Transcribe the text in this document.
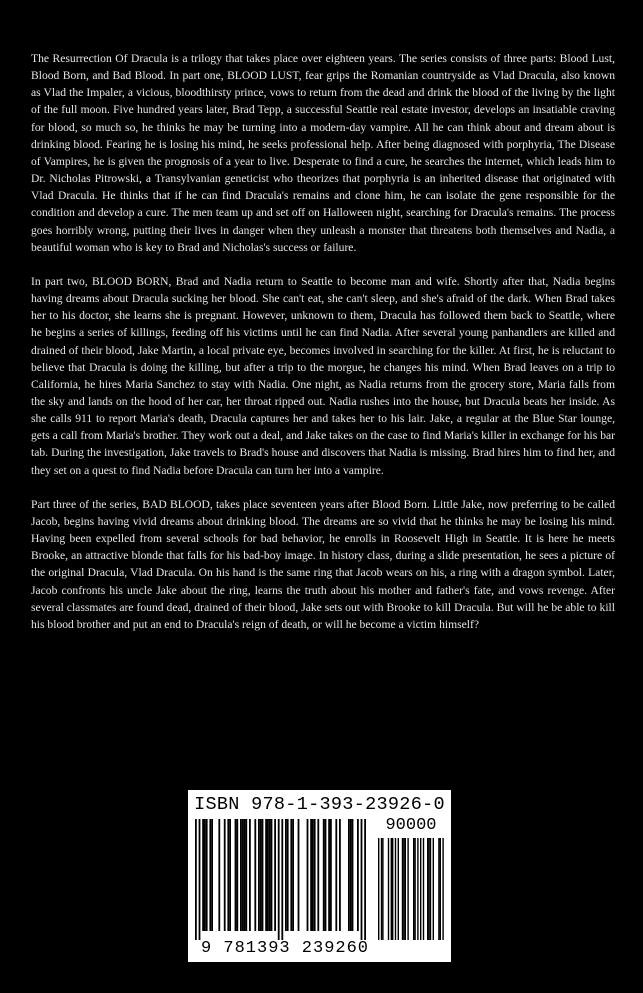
The Resurrection Of Dracula is a trilogy that takes place over eighteen years. The series consists of three parts: Blood Lust, Blood Born, and Bad Blood. In part one, BLOOD LUST, fear grips the Romanian countryside as Vlad Dracula, also known as Vlad the Impaler, a vicious, bloodthirsty prince, vows to return from the dead and drink the blood of the living by the light of the full moon. Five hundred years later, Brad Tepp, a successful Seattle real estate investor, develops an insatiable craving for blood, so much so, he thinks he may be turning into a modern-day vampire. All he can think about and dream about is drinking blood. Fearing he is losing his mind, he seeks professional help. After being diagnosed with porphyria, The Disease of Vampires, he is given the prognosis of a year to live. Desperate to find a cure, he searches the internet, which leads him to Dr. Nicholas Pitrowski, a Transylvanian geneticist who theorizes that porphyria is an inherited disease that originated with Vlad Dracula. He thinks that if he can find Dracula's remains and clone him, he can isolate the gene responsible for the condition and develop a cure. The men team up and set off on Halloween night, searching for Dracula's remains. The process goes horribly wrong, putting their lives in danger when they unleash a monster that threatens both themselves and Nadia, a beautiful woman who is key to Brad and Nicholas's success or failure.

In part two, BLOOD BORN, Brad and Nadia return to Seattle to become man and wife. Shortly after that, Nadia begins having dreams about Dracula sucking her blood. She can't eat, she can't sleep, and she's afraid of the dark. When Brad takes her to his doctor, she learns she is pregnant. However, unknown to them, Dracula has followed them back to Seattle, where he begins a series of killings, feeding off his victims until he can find Nadia. After several young panhandlers are killed and drained of their blood, Jake Martin, a local private eye, becomes involved in searching for the killer. At first, he is reluctant to believe that Dracula is doing the killing, but after a trip to the morgue, he changes his mind. When Brad leaves on a trip to California, he hires Maria Sanchez to stay with Nadia. One night, as Nadia returns from the grocery store, Maria falls from the sky and lands on the hood of her car, her throat ripped out. Nadia rushes into the house, but Dracula beats her inside. As she calls 911 to report Maria's death, Dracula captures her and takes her to his lair. Jake, a regular at the Blue Star lounge, gets a call from Maria's brother. They work out a deal, and Jake takes on the case to find Maria's killer in exchange for his bar tab. During the investigation, Jake travels to Brad's house and discovers that Nadia is missing. Brad hires him to find her, and they set on a quest to find Nadia before Dracula can turn her into a vampire.

Part three of the series, BAD BLOOD, takes place seventeen years after Blood Born. Little Jake, now preferring to be called Jacob, begins having vivid dreams about drinking blood. The dreams are so vivid that he thinks he may be losing his mind. Having been expelled from several schools for bad behavior, he enrolls in Roosevelt High in Seattle. It is here he meets Brooke, an attractive blonde that falls for his bad-boy image. In history class, during a slide presentation, he sees a picture of the original Dracula, Vlad Dracula. On his hand is the same ring that Jacob wears on his, a ring with a dragon symbol. Later, Jacob confronts his uncle Jake about the ring, learns the truth about his mother and father's fate, and vows revenge. After several classmates are found dead, drained of their blood, Jake sets out with Brooke to kill Dracula. But will he be able to kill his blood brother and put an end to Dracula's reign of death, or will he become a victim himself?

ISBN 978-1-393-23926-0
90000
9 781393 239260
